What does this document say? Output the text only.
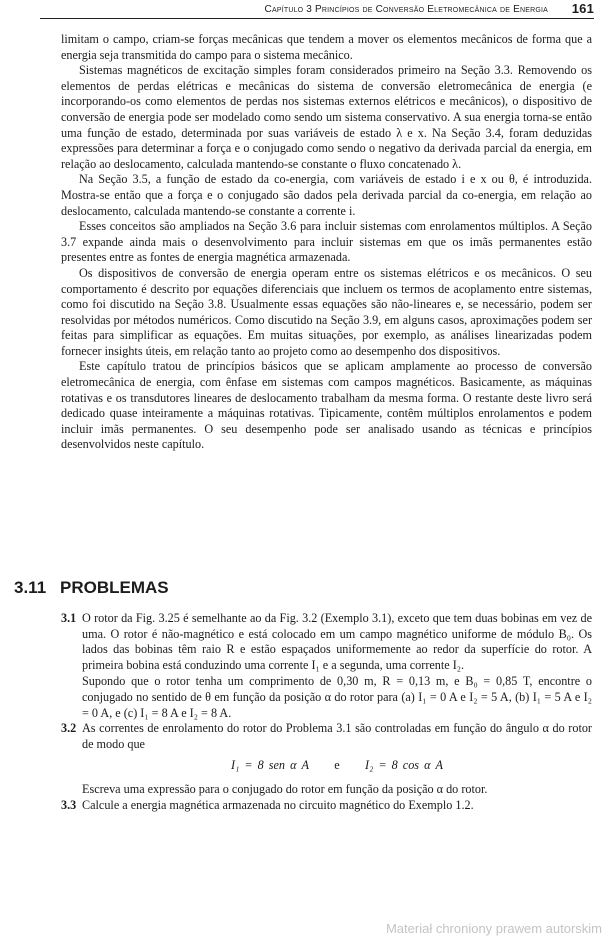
Capítulo 3 Princípios de Conversão Eletromecânica de Energia 161

limitam o campo, criam-se forças mecânicas que tendem a mover os elementos mecânicos de forma que a energia seja transmitida do campo para o sistema mecânico.

Sistemas magnéticos de excitação simples foram considerados primeiro na Seção 3.3. Removendo os elementos de perdas elétricas e mecânicas do sistema de conversão eletromecânica de energia (e incorporando-os como elementos de perdas nos sistemas externos elétricos e mecânicos), o dispositivo de conversão de energia pode ser modelado como sendo um sistema conservativo. A sua energia torna-se então uma função de estado, determinada por suas variáveis de estado λ e x. Na Seção 3.4, foram deduzidas expressões para determinar a força e o conjugado como sendo o negativo da derivada parcial da energia, em relação ao deslocamento, calculada mantendo-se constante o fluxo concatenado λ.

Na Seção 3.5, a função de estado da co-energia, com variáveis de estado i e x ou θ, é introduzida. Mostra-se então que a força e o conjugado são dados pela derivada parcial da co-energia, em relação ao deslocamento, calculada mantendo-se constante a corrente i.

Esses conceitos são ampliados na Seção 3.6 para incluir sistemas com enrolamentos múltiplos. A Seção 3.7 expande ainda mais o desenvolvimento para incluir sistemas em que os imãs permanentes estão presentes entre as fontes de energia magnética armazenada.

Os dispositivos de conversão de energia operam entre os sistemas elétricos e os mecânicos. O seu comportamento é descrito por equações diferenciais que incluem os termos de acoplamento entre sistemas, como foi discutido na Seção 3.8. Usualmente essas equações são não-lineares e, se necessário, podem ser resolvidas por métodos numéricos. Como discutido na Seção 3.9, em alguns casos, aproximações podem ser feitas para simplificar as equações. Em muitas situações, por exemplo, as análises linearizadas podem fornecer insights úteis, em relação tanto ao projeto como ao desempenho dos dispositivos.

Este capítulo tratou de princípios básicos que se aplicam amplamente ao processo de conversão eletromecânica de energia, com ênfase em sistemas com campos magnéticos. Basicamente, as máquinas rotativas e os transdutores lineares de deslocamento trabalham da mesma forma. O restante deste livro será dedicado quase inteiramente a máquinas rotativas. Tipicamente, contêm múltiplos enrolamentos e podem incluir imãs permanentes. O seu desempenho pode ser analisado usando as técnicas e princípios desenvolvidos neste capítulo.

3.11 PROBLEMAS
3.1 O rotor da Fig. 3.25 é semelhante ao da Fig. 3.2 (Exemplo 3.1), exceto que tem duas bobinas em vez de uma. O rotor é não-magnético e está colocado em um campo magnético uniforme de módulo B₀. Os lados das bobinas têm raio R e estão espaçados uniformemente ao redor da superfície do rotor. A primeira bobina está conduzindo uma corrente I₁ e a segunda, uma corrente I₂.

Supondo que o rotor tenha um comprimento de 0,30 m, R = 0,13 m, e B₀ = 0,85 T, encontre o conjugado no sentido de θ em função da posição α do rotor para (a) I₁ = 0 A e I₂ = 5 A, (b) I₁ = 5 A e I₂ = 0 A, e (c) I₁ = 8 A e I₂ = 8 A.

3.2 As correntes de enrolamento do rotor do Problema 3.1 são controladas em função do ângulo α do rotor de modo que

I₁ = 8 sen α A e I₂ = 8 cos α A

Escreva uma expressão para o conjugado do rotor em função da posição α do rotor.

3.3 Calcule a energia magnética armazenada no circuito magnético do Exemplo 1.2.

Materiał chroniony prawem autorskim
